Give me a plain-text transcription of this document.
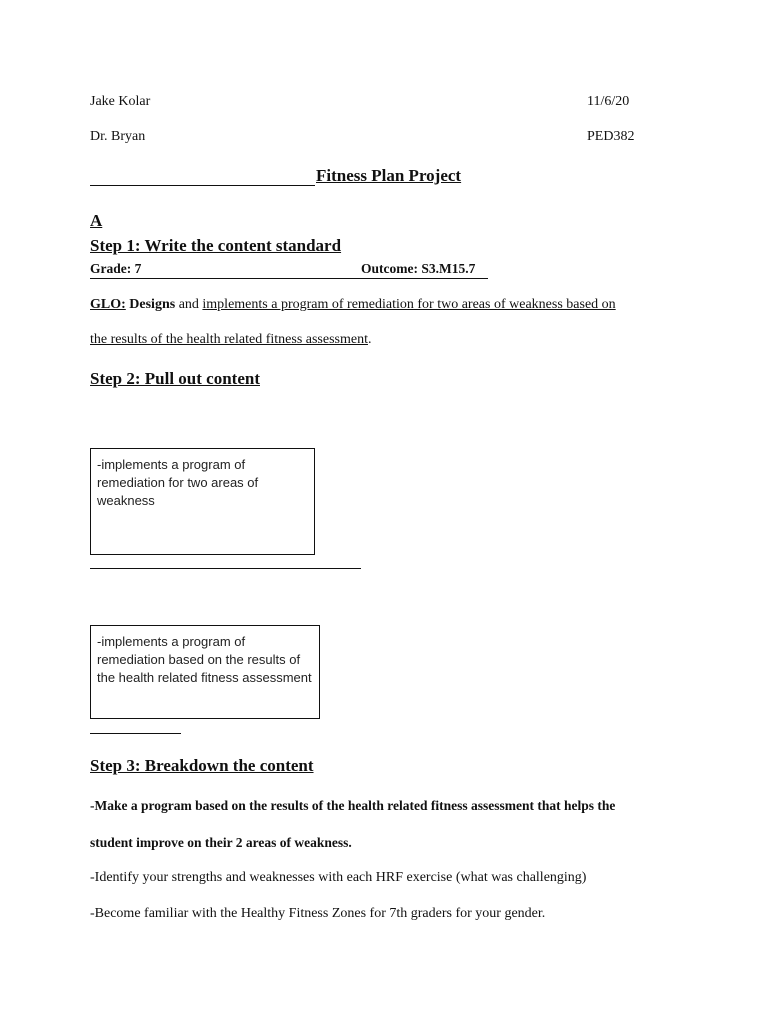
Jake Kolar	11/6/20
Dr. Bryan	PED382
Fitness Plan Project
A
Step 1: Write the content standard
Grade: 7	Outcome: S3.M15.7
GLO: Designs and implements a program of remediation for two areas of weakness based on
the results of the health related fitness assessment.
Step 2: Pull out content
-implements a program of remediation for two areas of weakness
-implements a program of remediation based on the results of the health related fitness assessment
Step 3: Breakdown the content
-Make a program based on the results of the health related fitness assessment that helps the
student improve on their 2 areas of weakness.
-Identify your strengths and weaknesses with each HRF exercise (what was challenging)
-Become familiar with the Healthy Fitness Zones for 7th graders for your gender.
